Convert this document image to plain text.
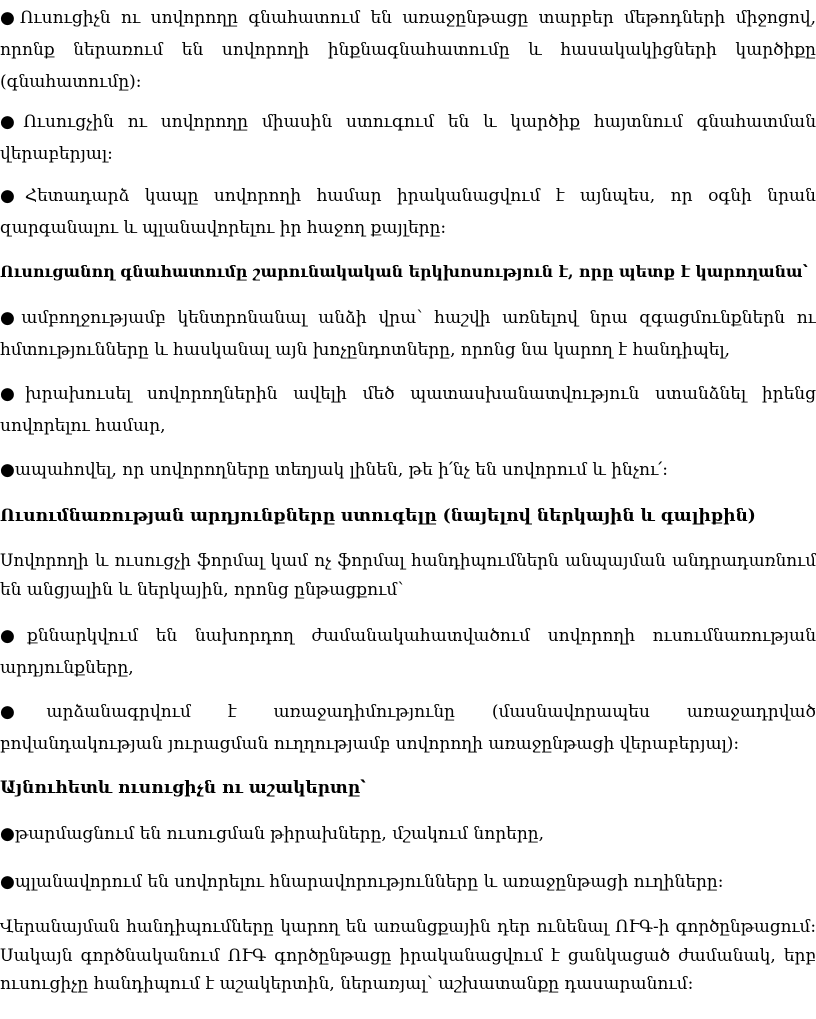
●Ուսուցիչն ու սովորողը գնահատում են առաջընթացը տարբեր մեթոդների միջոցով,
որոնք ներառում են սովորողի ինքնագնահատումը և հասակակիցների կարծիքը
(գնահատումը):
●Ուսուցչին ու սովորողը միասին ստուգում են և կարծիք հայտնում գնահատման
վերաբերյալ:
●Հետադարձ կապը սովորողի համար իրականացվում է այնպես, որ օգնի նրան
զարգանալու և պլանավորելու իր հաջող քայլերը:
Ուսուցանող գնահատումը շարունակական երկխոսություն է, որը պետք է կարողանա՝
●ամբողջությամբ կենտրոնանալ անձի վրա՝ հաշվի առնելով նրա զգացմունքներն ու
հմտությունները և հասկանալ այն խոչընդոտները, որոնց նա կարող է հանդիպել,
●խրախուսել սովորողներին ավելի մեծ պատասխանատվություն ստանձնել իրենց
սովորելու համար,
●ապահովել, որ սովորողները տեղյակ լինեն, թե ի՛նչ են սովորում և ինչու՛:
Ուսումնառության արդյունքները ստուգելը (նայելով ներկային և գալիքին)
Սովորողի և ուսուցչի ֆորմալ կամ ոչ ֆորմալ հանդիպումներն անպայման անդրադառնում
են անցյալին և ներկային, որոնց ընթացքում՝
●քննարկվում են նախորդող ժամանակահատվածում սովորողի ուսումնառության
արդյունքները,
●արձանագրվում է առաջադիմությունը (մասնավորապես առաջադրված
բովանդակության յուրացման ուղղությամբ սովորողի առաջընթացի վերաբերյալ):
Այնուհետև ուսուցիչն ու աշակերտը՝
●թարմացնում են ուսուցման թիրախները, մշակում նորերը,
●պլանավորում են սովորելու հնարավորությունները և առաջընթացի ուղիները:
Վերանայման հանդիպումները կարող են առանցքային դեր ունենալ ՈՒԳ-ի գործընթացում:
Սակայն գործնականում ՈՒԳ գործընթացը իրականացվում է ցանկացած ժամանակ, երբ
ուսուցիչը հանդիպում է աշակերտին, ներառյալ՝ աշխատանքը դասարանում:
